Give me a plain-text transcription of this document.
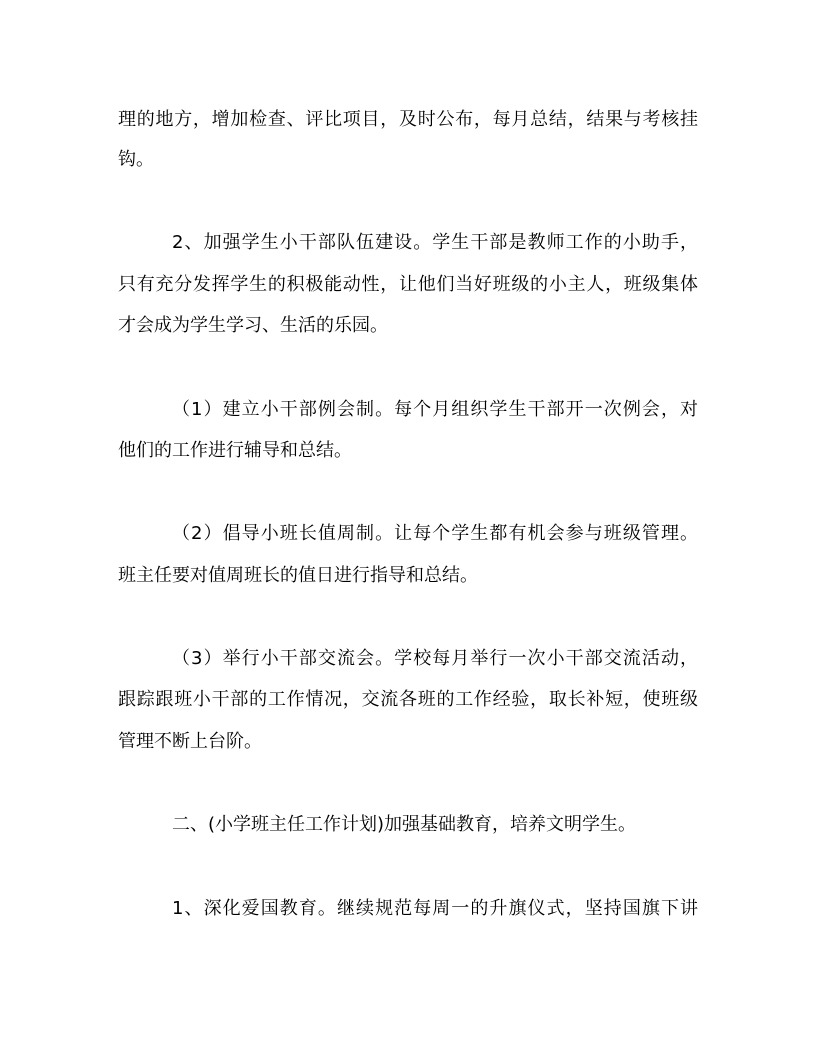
理的地方，增加检查、评比项目，及时公布，每月总结，结果与考核挂

钩。

2、加强学生小干部队伍建设。学生干部是教师工作的小助手，

只有充分发挥学生的积极能动性，让他们当好班级的小主人，班级集体

才会成为学生学习、生活的乐园。

（1）建立小干部例会制。每个月组织学生干部开一次例会，对

他们的工作进行辅导和总结。

（2）倡导小班长值周制。让每个学生都有机会参与班级管理。

班主任要对值周班长的值日进行指导和总结。

（3）举行小干部交流会。学校每月举行一次小干部交流活动，

跟踪跟班小干部的工作情况，交流各班的工作经验，取长补短，使班级

管理不断上台阶。

二、(小学班主任工作计划)加强基础教育，培养文明学生。

1、深化爱国教育。继续规范每周一的升旗仪式，坚持国旗下讲
